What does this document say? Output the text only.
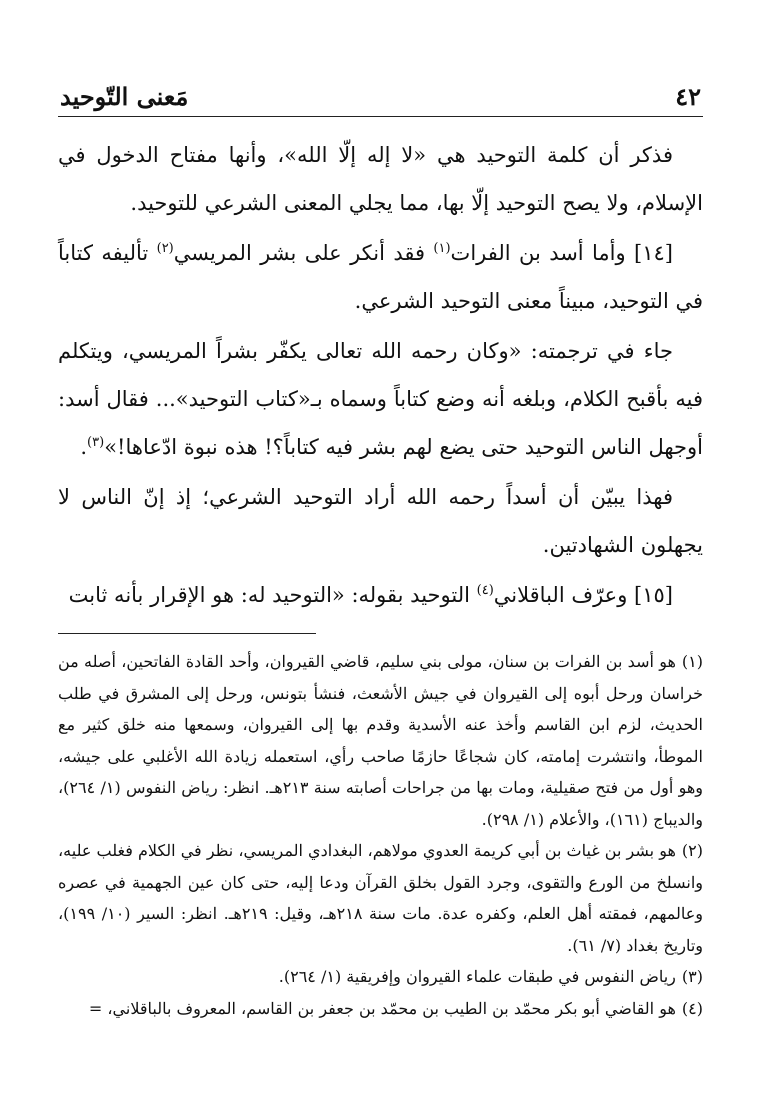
٤٢
مَعنى التّوحيد

فذكر أن كلمة التوحيد هي «لا إله إلّا الله»، وأنها مفتاح الدخول في الإسلام، ولا يصح التوحيد إلّا بها، مما يجلي المعنى الشرعي للتوحيد.

[١٤] وأما أسد بن الفرات$^{(١)}$ فقد أنكر على بشر المريسي$^{(٢)}$ تأليفه كتاباً في التوحيد، مبيناً معنى التوحيد الشرعي.

جاء في ترجمته: «وكان رحمه الله تعالى يكفّر بشراً المريسي، ويتكلم فيه بأقبح الكلام، وبلغه أنه وضع كتاباً وسماه بـ«كتاب التوحيد»... فقال أسد: أوجهل الناس التوحيد حتى يضع لهم بشر فيه كتاباً؟! هذه نبوة ادّعاها!»$^{(٣)}$.

فهذا يبيّن أن أسداً رحمه الله أراد التوحيد الشرعي؛ إذ إنّ الناس لا يجهلون الشهادتين.

[١٥] وعرّف الباقلاني$^{(٤)}$ التوحيد بقوله: «التوحيد له: هو الإقرار بأنه ثابت

(١)هو أسد بن الفرات بن سنان، مولى بني سليم، قاضي القيروان، وأحد القادة الفاتحين، أصله من خراسان ورحل أبوه إلى القيروان في جيش الأشعث، فنشأ بتونس، ورحل إلى المشرق في طلب الحديث، لزم ابن القاسم وأخذ عنه الأسدية وقدم بها إلى القيروان، وسمعها منه خلق كثير مع الموطأ، وانتشرت إمامته، كان شجاعًا حازمًا صاحب رأي، استعمله زيادة الله الأغلبي على جيشه، وهو أول من فتح صقيلية، ومات بها من جراحات أصابته سنة ٢١٣هـ. انظر: رياض النفوس (١/ ٢٦٤)، والديباج (١٦١)، والأعلام (١/ ٢٩٨).

(٢)هو بشر بن غياث بن أبي كريمة العدوي مولاهم، البغدادي المريسي، نظر في الكلام فغلب عليه، وانسلخ من الورع والتقوى، وجرد القول بخلق القرآن ودعا إليه، حتى كان عين الجهمية في عصره وعالمهم، فمقته أهل العلم، وكفره عدة. مات سنة ٢١٨هـ، وقيل: ٢١٩هـ. انظر: السير (١٠/ ١٩٩)، وتاريخ بغداد (٧/ ٦١).

(٣)رياض النفوس في طبقات علماء القيروان وإفريقية (١/ ٢٦٤).

(٤)هو القاضي أبو بكر محمّد بن الطيب بن محمّد بن جعفر بن القاسم، المعروف بالباقلاني، =
